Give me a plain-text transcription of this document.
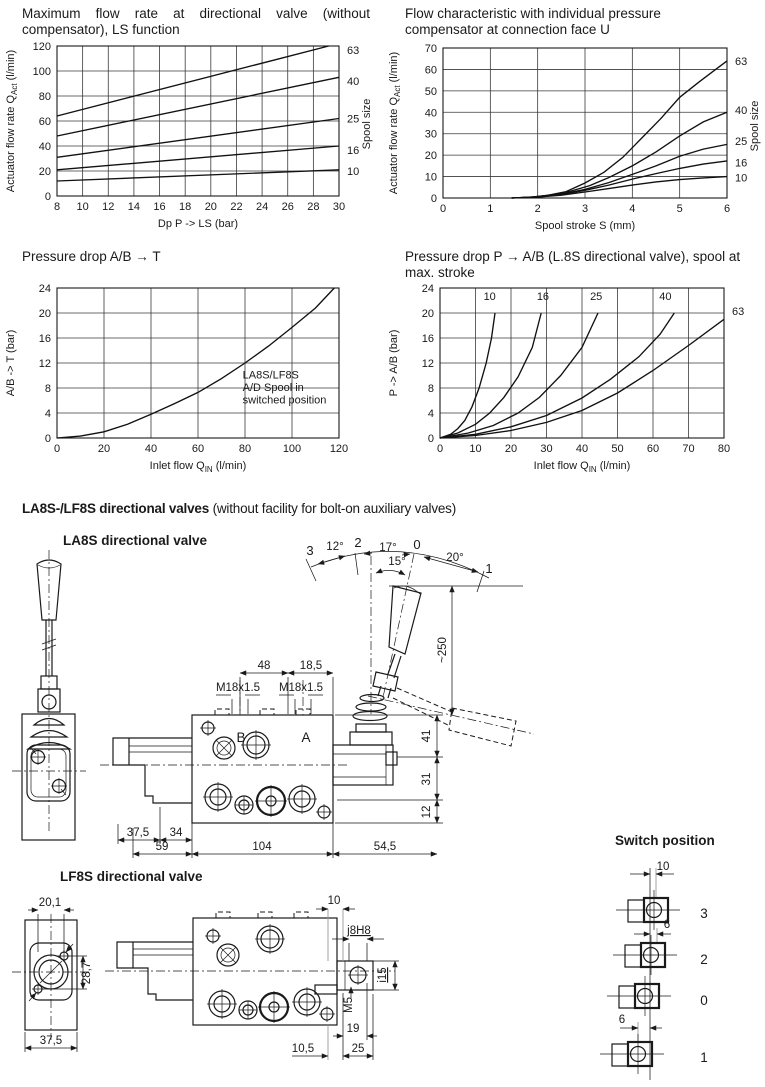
Maximum flow rate at directional valve (without compensator), LS function
Flow characteristic with individual pressure compensator at connection face U
Pressure drop A/B → T	Pressure drop P → A/B (L.8S directional valve), spool at max. stroke
8 10 12 14 16 18 20 22 24 26 28 30
0
20
40
60
80
100
120	63
40
25
16
10
Spool size
Dp P -> LS (bar)
Actuator flow rate $Q_{Act}$ (l/min)
0	1	2	3	4	5	6
0
10
20
30
40
50
60
70
63
40
25
16
10
Spool size
Spool stroke S (mm)
Actuator flow rate $Q_{Act}$ (l/min)
0	20	40	60	80	100	120
0
4
8
12
16
20
24
LA8S/LF8S
A/D Spool in
switched position
Inlet flow $Q_{IN}$ (l/min)
A/B -> T (bar)
0 10 20 30 40 50 60 70 80
0
4
8
12
16
20
24
63
10	16	25	40
Inlet flow $Q_{IN}$ (l/min)
P -> A/B (bar)
LA8S-/LF8S directional valves (without facility for bolt-on auxiliary valves)
LA8S directional valve
LF8S directional valve
Switch position
3 12° 2 17°
15°
0
20°
1
~250
48	18,5
M18x1.5 M18x1.5
B	A	41
31
12
37,5 34
59	104	54,5
20,1
28,7
37,5
10
j8H8
i15
M5
19
10,5	25
10
6
6
3
2
0
1
